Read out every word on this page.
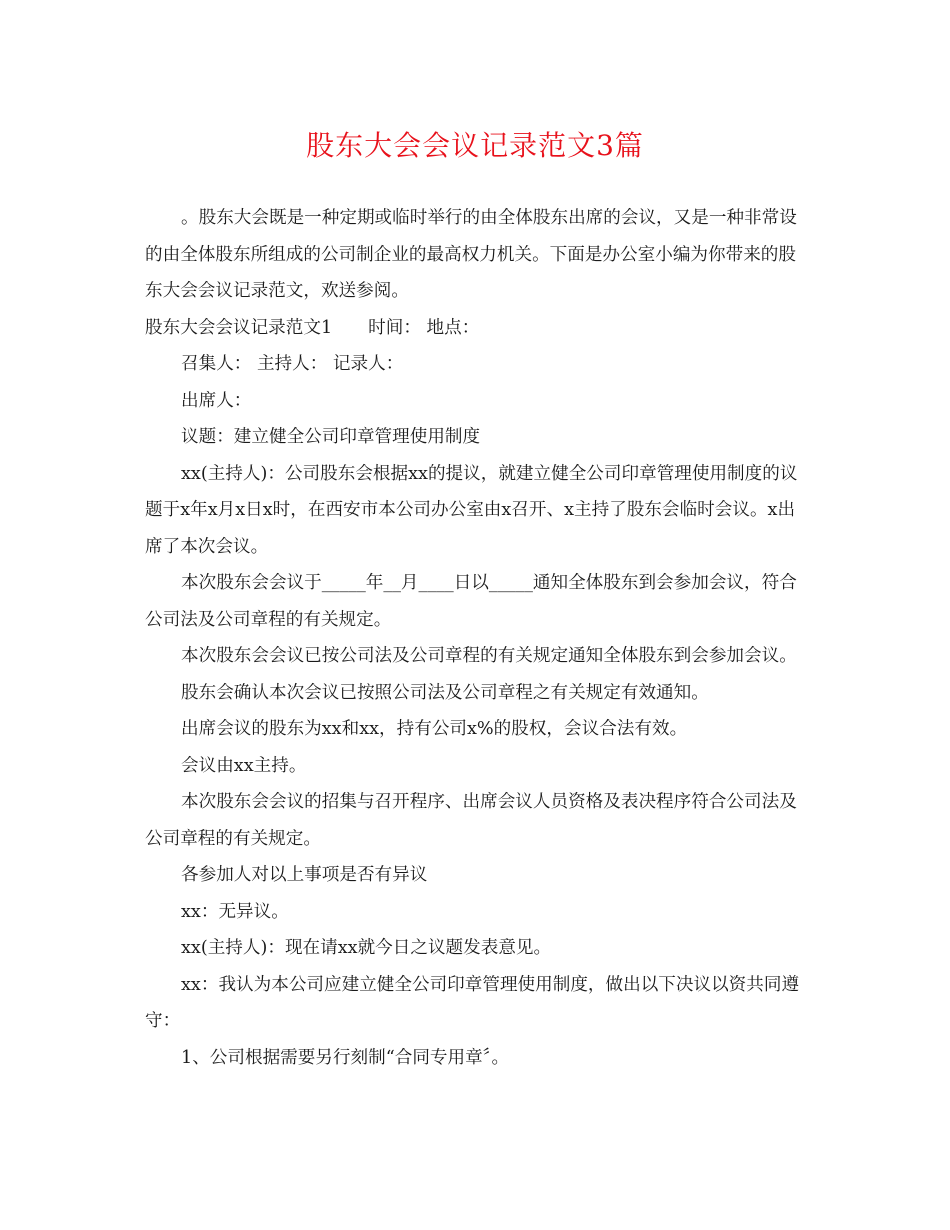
股东大会会议记录范文3篇

。股东大会既是一种定期或临时举行的由全体股东出席的会议，又是一种非常设的由全体股东所组成的公司制企业的最高权力机关。下面是办公室小编为你带来的股东大会会议记录范文，欢送参阅。

股东大会会议记录范文1 时间： 地点：

召集人： 主持人： 记录人：

出席人：

议题：建立健全公司印章管理使用制度

xx(主持人)：公司股东会根据xx的提议，就建立健全公司印章管理使用制度的议题于x年x月x日x时，在西安市本公司办公室由x召开、x主持了股东会临时会议。x出席了本次会议。

本次股东会会议于_____年__月____日以_____通知全体股东到会参加会议，符合公司法及公司章程的有关规定。

本次股东会会议已按公司法及公司章程的有关规定通知全体股东到会参加会议。

股东会确认本次会议已按照公司法及公司章程之有关规定有效通知。

出席会议的股东为xx和xx，持有公司x%的股权，会议合法有效。

会议由xx主持。

本次股东会会议的招集与召开程序、出席会议人员资格及表决程序符合公司法及公司章程的有关规定。

各参加人对以上事项是否有异议

xx：无异议。

xx(主持人)：现在请xx就今日之议题发表意见。

xx：我认为本公司应建立健全公司印章管理使用制度，做出以下决议以资共同遵守：

1、公司根据需要另行刻制“合同专用章〞。
